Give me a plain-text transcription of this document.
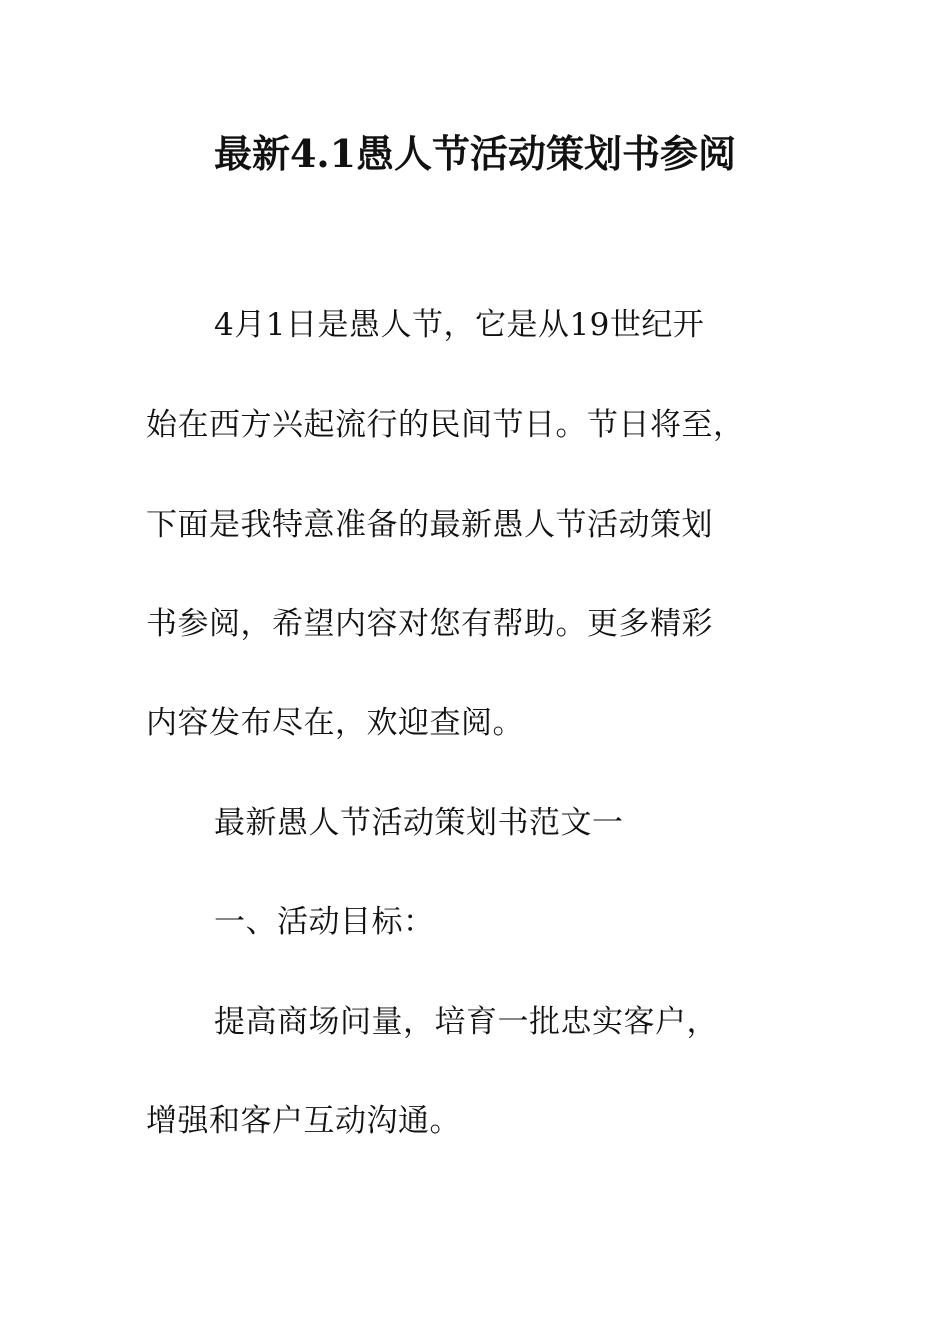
最新4.1愚人节活动策划书参阅
4月1日是愚人节，它是从19世纪开
始在西方兴起流行的民间节日。节日将至，
下面是我特意准备的最新愚人节活动策划
书参阅，希望内容对您有帮助。更多精彩
内容发布尽在，欢迎查阅。
最新愚人节活动策划书范文一
一、活动目标：
提高商场问量，培育一批忠实客户，
增强和客户互动沟通。
